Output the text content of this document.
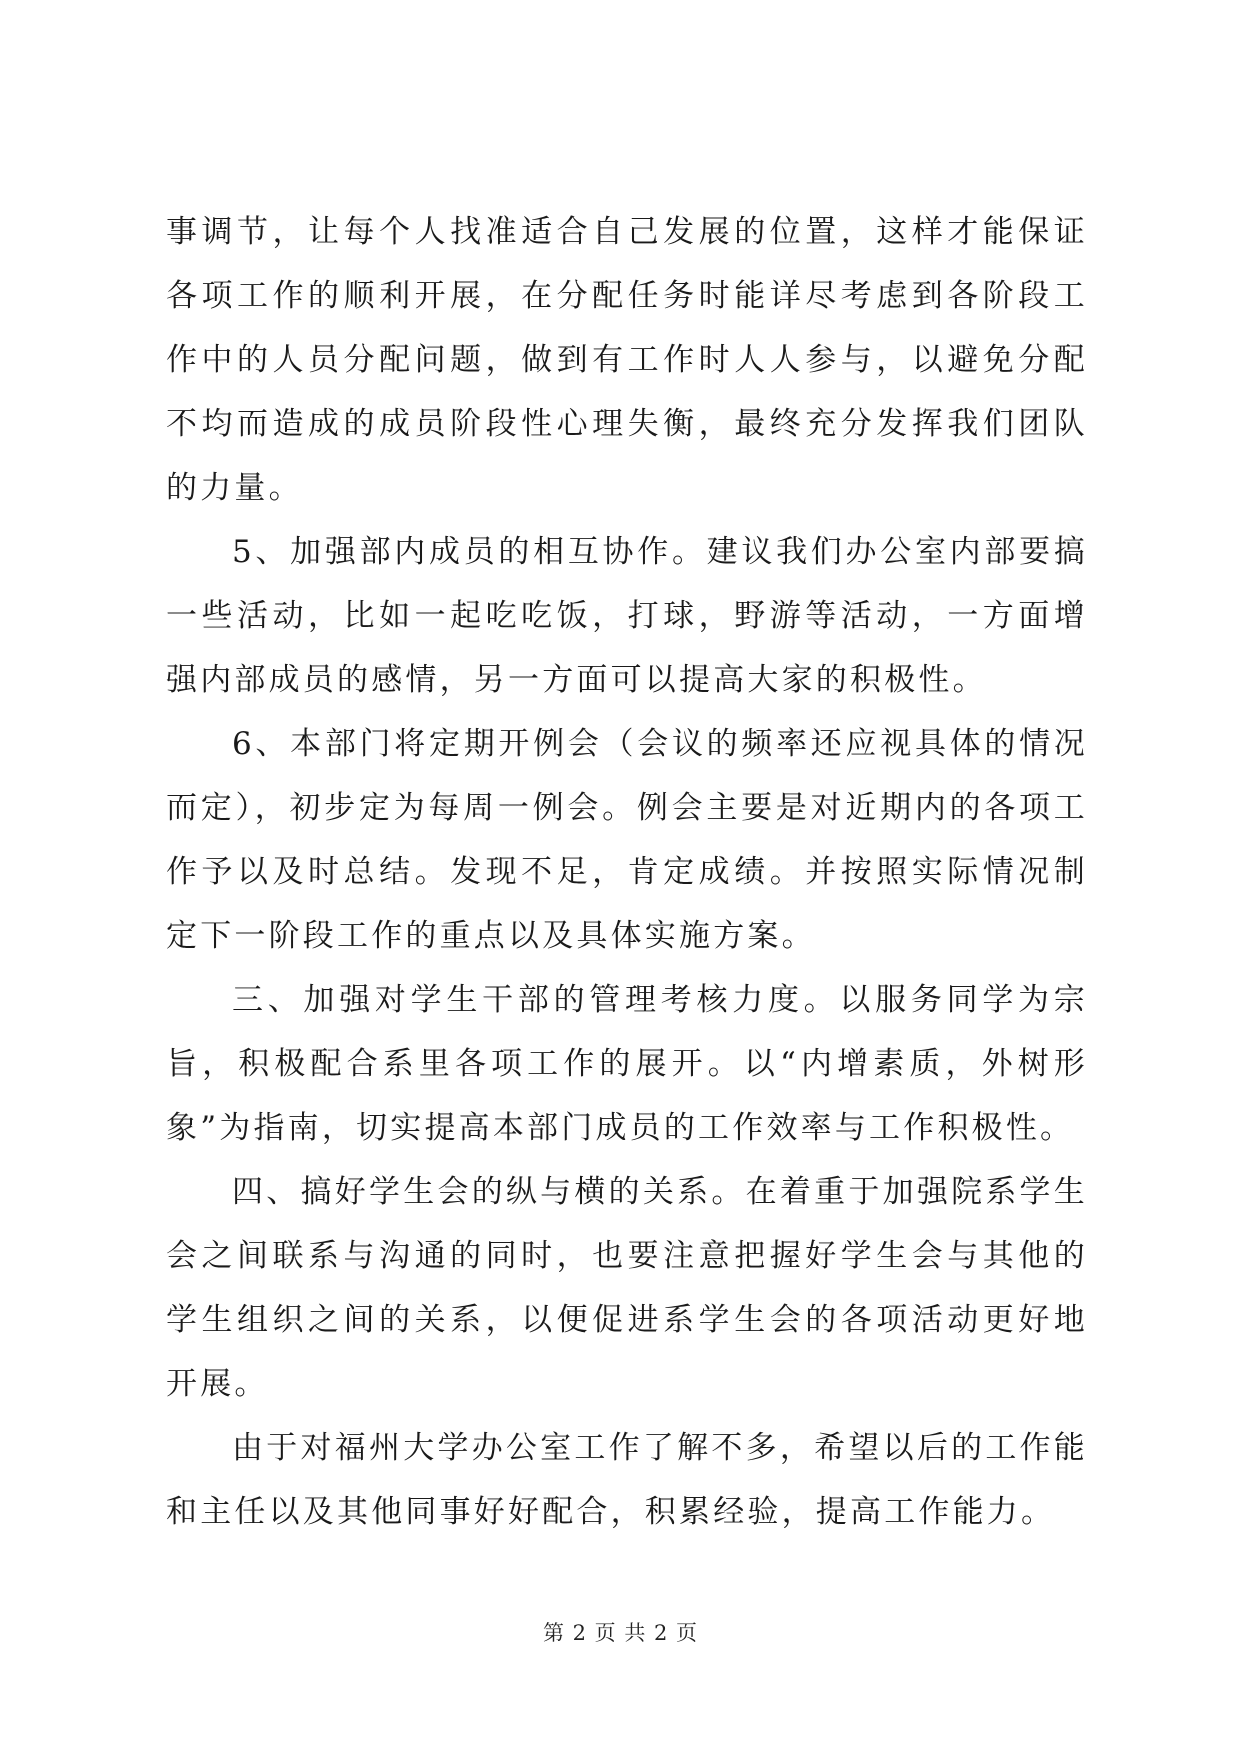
事调节，让每个人找准适合自己发展的位置，这样才能保证各项工作的顺利开展，在分配任务时能详尽考虑到各阶段工作中的人员分配问题，做到有工作时人人参与，以避免分配不均而造成的成员阶段性心理失衡，最终充分发挥我们团队的力量。

5、加强部内成员的相互协作。建议我们办公室内部要搞一些活动，比如一起吃吃饭，打球，野游等活动，一方面增强内部成员的感情，另一方面可以提高大家的积极性。

6、本部门将定期开例会（会议的频率还应视具体的情况而定），初步定为每周一例会。例会主要是对近期内的各项工作予以及时总结。发现不足，肯定成绩。并按照实际情况制定下一阶段工作的重点以及具体实施方案。

三、加强对学生干部的管理考核力度。以服务同学为宗旨，积极配合系里各项工作的展开。以“内增素质，外树形象”为指南，切实提高本部门成员的工作效率与工作积极性。

四、搞好学生会的纵与横的关系。在着重于加强院系学生会之间联系与沟通的同时，也要注意把握好学生会与其他的学生组织之间的关系，以便促进系学生会的各项活动更好地开展。

由于对福州大学办公室工作了解不多，希望以后的工作能和主任以及其他同事好好配合，积累经验，提高工作能力。

第 2 页 共 2 页
